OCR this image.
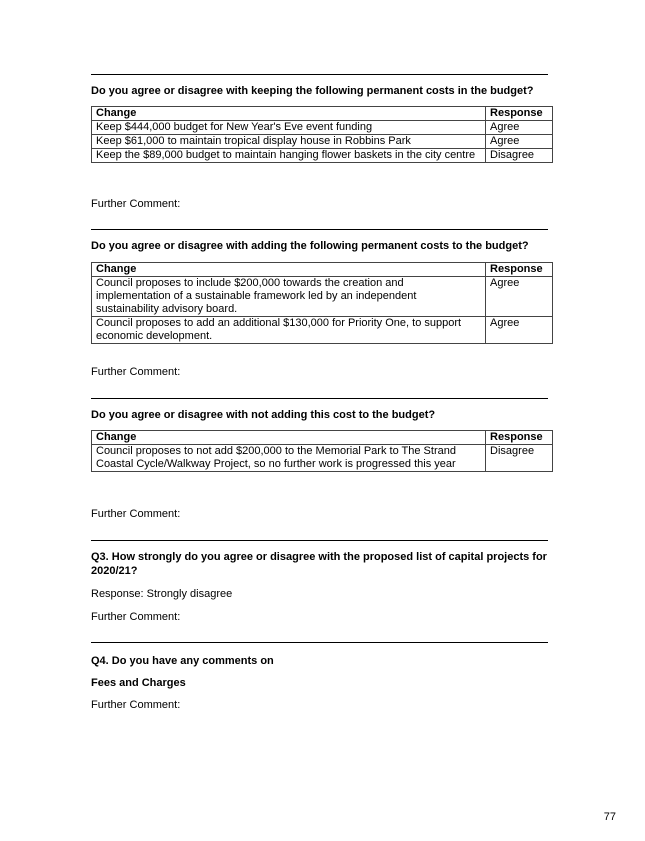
Do you agree or disagree with keeping the following permanent costs in the budget?
Change	Response
Keep $444,000 budget for New Year's Eve event funding	Agree
Keep $61,000 to maintain tropical display house in Robbins Park	Agree
Keep the $89,000 budget to maintain hanging flower baskets in the city centre	Disagree
Further Comment:
Do you agree or disagree with adding the following permanent costs to the budget?
Change	Response
Council proposes to include $200,000 towards the creation and implementation of a sustainable framework led by an independent sustainability advisory board.	Agree
Council proposes to add an additional $130,000 for Priority One, to support economic development.	Agree
Further Comment:
Do you agree or disagree with not adding this cost to the budget?
Change	Response
Council proposes to not add $200,000 to the Memorial Park to The Strand Coastal Cycle/Walkway Project, so no further work is progressed this year	Disagree
Further Comment:
Q3. How strongly do you agree or disagree with the proposed list of capital projects for 2020/21?
Response: Strongly disagree
Further Comment:
Q4. Do you have any comments on
Fees and Charges
Further Comment:
77
